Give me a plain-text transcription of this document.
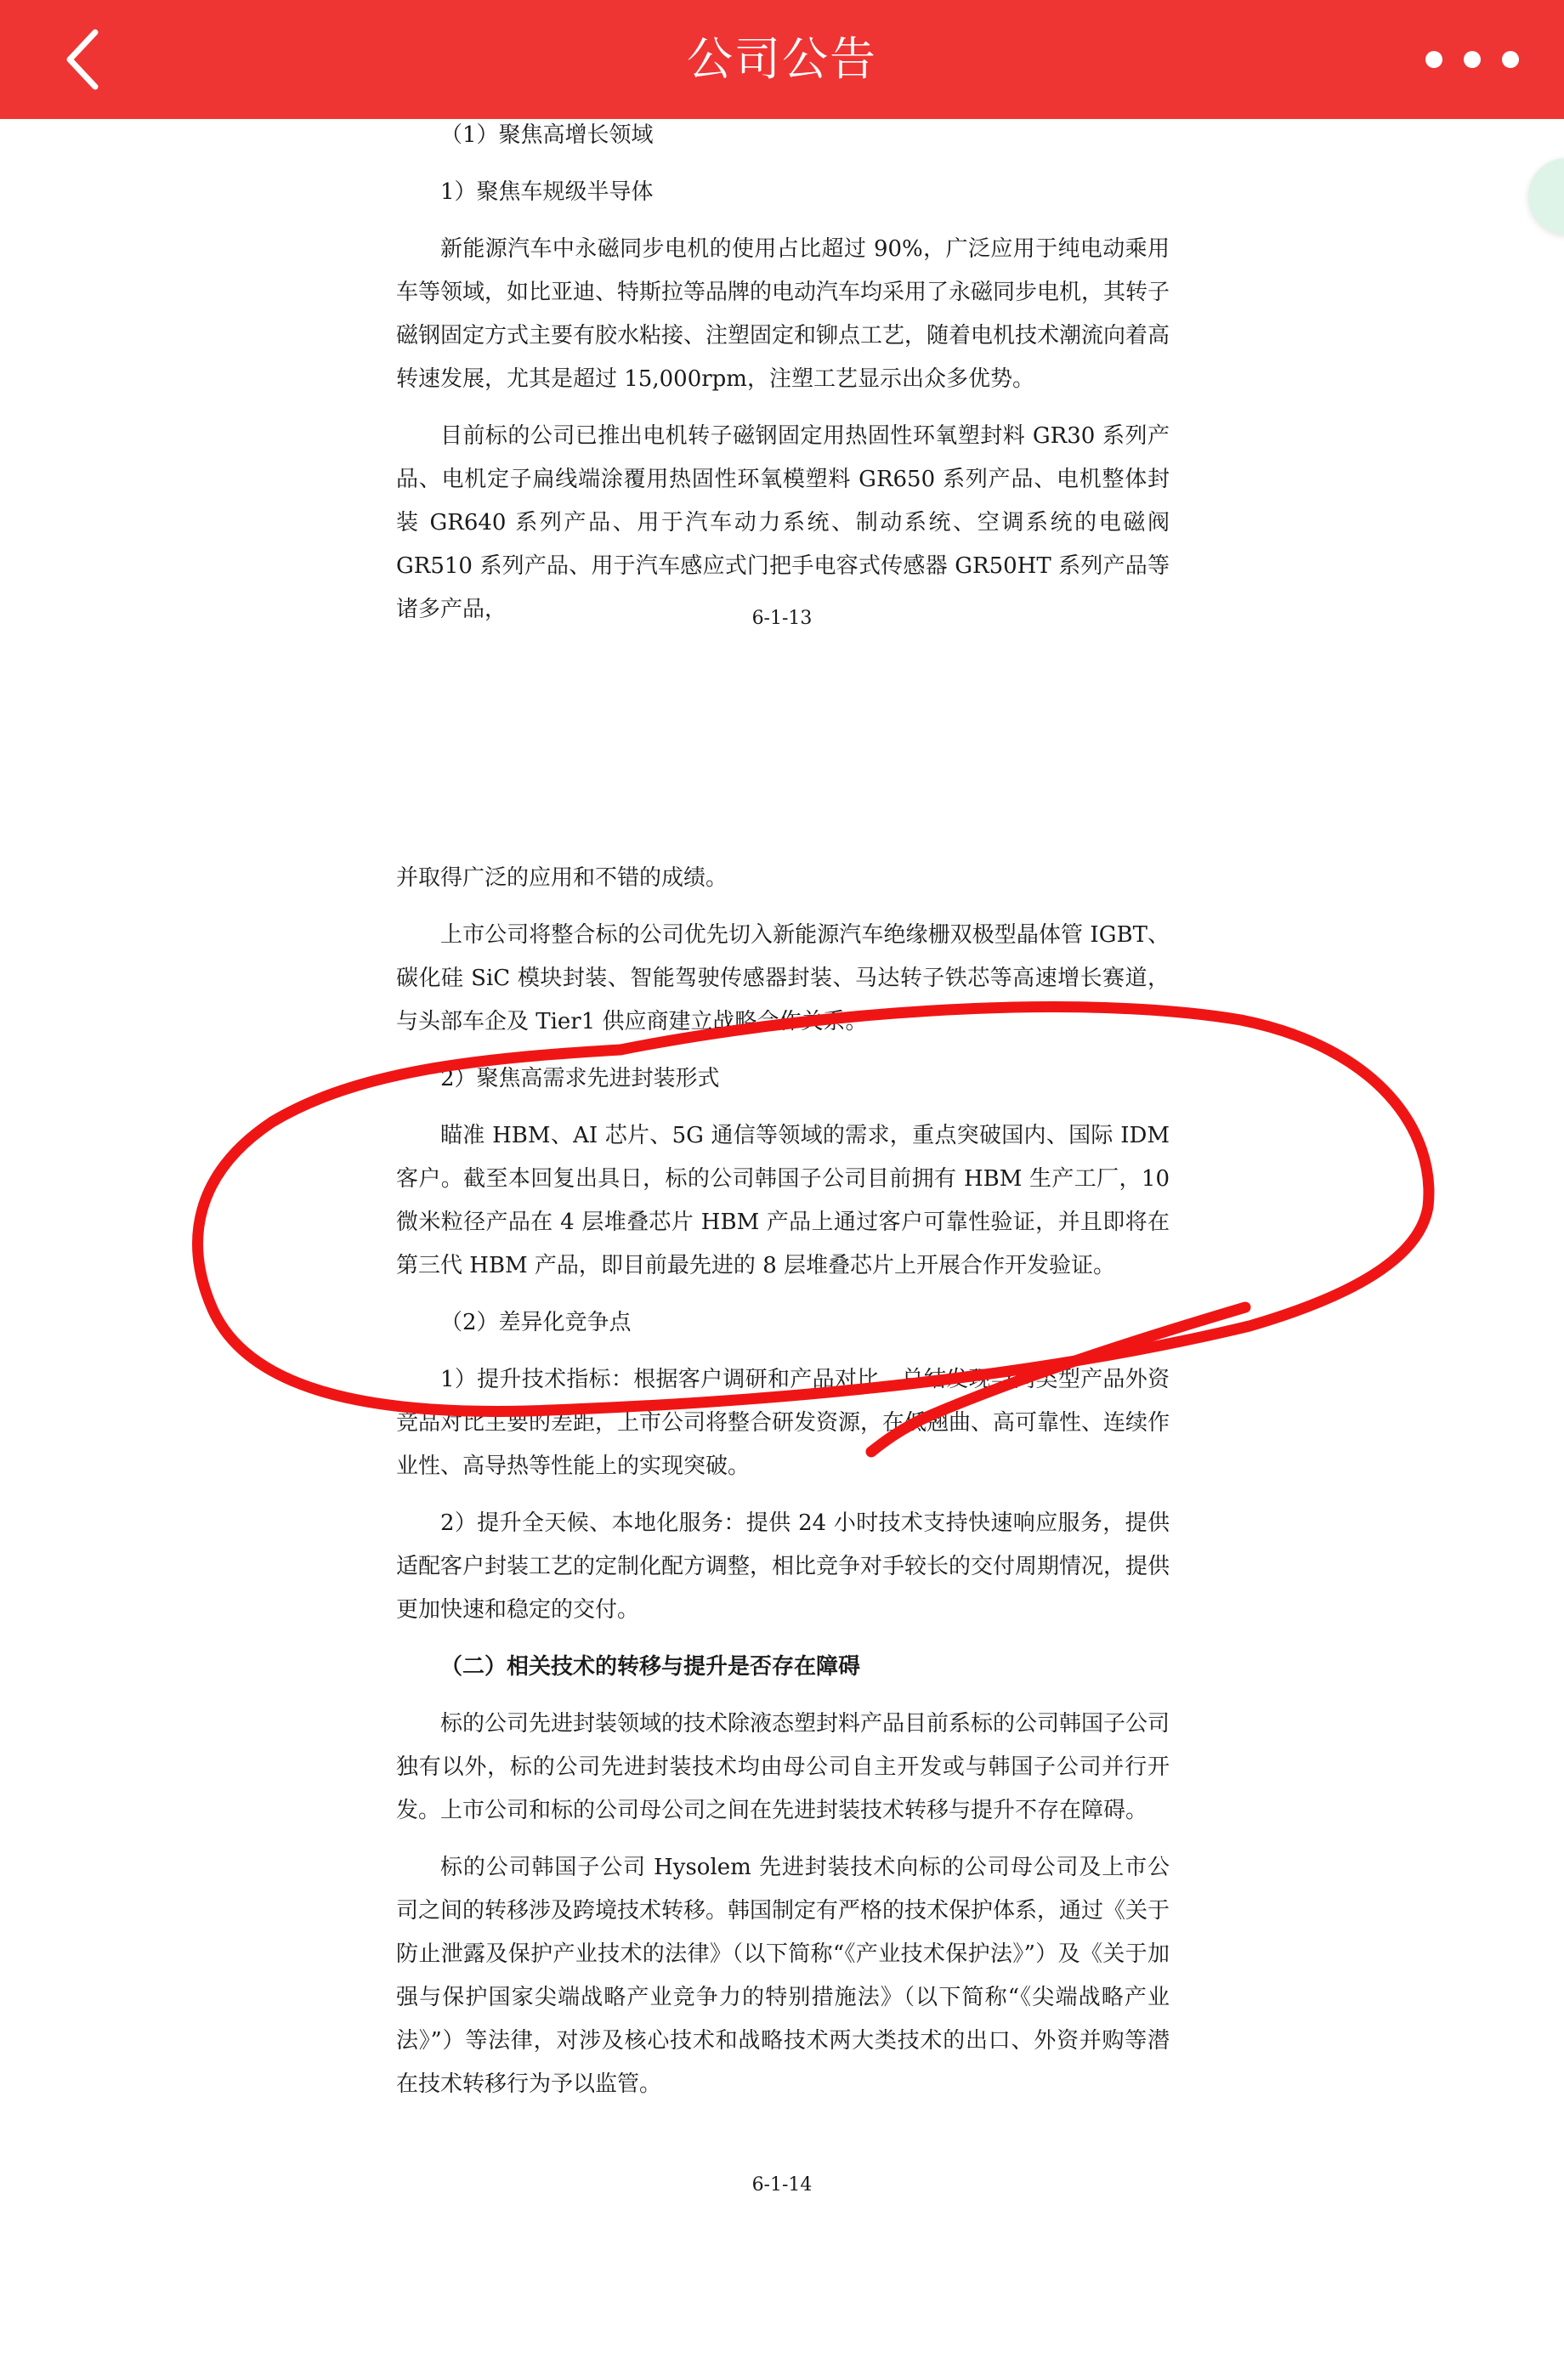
公司公告

（1）聚焦高增长领域

1）聚焦车规级半导体

新能源汽车中永磁同步电机的使用占比超过 90%，广泛应用于纯电动乘用车等领域，如比亚迪、特斯拉等品牌的电动汽车均采用了永磁同步电机，其转子磁钢固定方式主要有胶水粘接、注塑固定和铆点工艺，随着电机技术潮流向着高转速发展，尤其是超过 15,000rpm，注塑工艺显示出众多优势。

目前标的公司已推出电机转子磁钢固定用热固性环氧塑封料 GR30 系列产品、电机定子扁线端涂覆用热固性环氧模塑料 GR650 系列产品、电机整体封装 GR640 系列产品、用于汽车动力系统、制动系统、空调系统的电磁阀 GR510 系列产品、用于汽车感应式门把手电容式传感器 GR50HT 系列产品等诸多产品，	6-1-13

并取得广泛的应用和不错的成绩。

上市公司将整合标的公司优先切入新能源汽车绝缘栅双极型晶体管 IGBT、碳化硅 SiC 模块封装、智能驾驶传感器封装、马达转子铁芯等高速增长赛道，与头部车企及 Tier1 供应商建立战略合作关系。

2）聚焦高需求先进封装形式

瞄准 HBM、AI 芯片、5G 通信等领域的需求，重点突破国内、国际 IDM 客户。截至本回复出具日，标的公司韩国子公司目前拥有 HBM 生产工厂，10 微米粒径产品在 4 层堆叠芯片 HBM 产品上通过客户可靠性验证，并且即将在第三代 HBM 产品，即目前最先进的 8 层堆叠芯片上开展合作开发验证。

（2）差异化竞争点

1）提升技术指标：根据客户调研和产品对比，总结发现与同类型产品外资竞品对比主要的差距，上市公司将整合研发资源，在低翘曲、高可靠性、连续作业性、高导热等性能上的实现突破。

2）提升全天候、本地化服务：提供 24 小时技术支持快速响应服务，提供适配客户封装工艺的定制化配方调整，相比竞争对手较长的交付周期情况，提供更加快速和稳定的交付。

（二）相关技术的转移与提升是否存在障碍

标的公司先进封装领域的技术除液态塑封料产品目前系标的公司韩国子公司独有以外，标的公司先进封装技术均由母公司自主开发或与韩国子公司并行开发。上市公司和标的公司母公司之间在先进封装技术转移与提升不存在障碍。

标的公司韩国子公司 Hysolem 先进封装技术向标的公司母公司及上市公司之间的转移涉及跨境技术转移。韩国制定有严格的技术保护体系，通过《关于防止泄露及保护产业技术的法律》（以下简称“《产业技术保护法》”）及《关于加强与保护国家尖端战略产业竞争力的特别措施法》（以下简称“《尖端战略产业法》”）等法律，对涉及核心技术和战略技术两大类技术的出口、外资并购等潜在技术转移行为予以监管。

6-1-14
